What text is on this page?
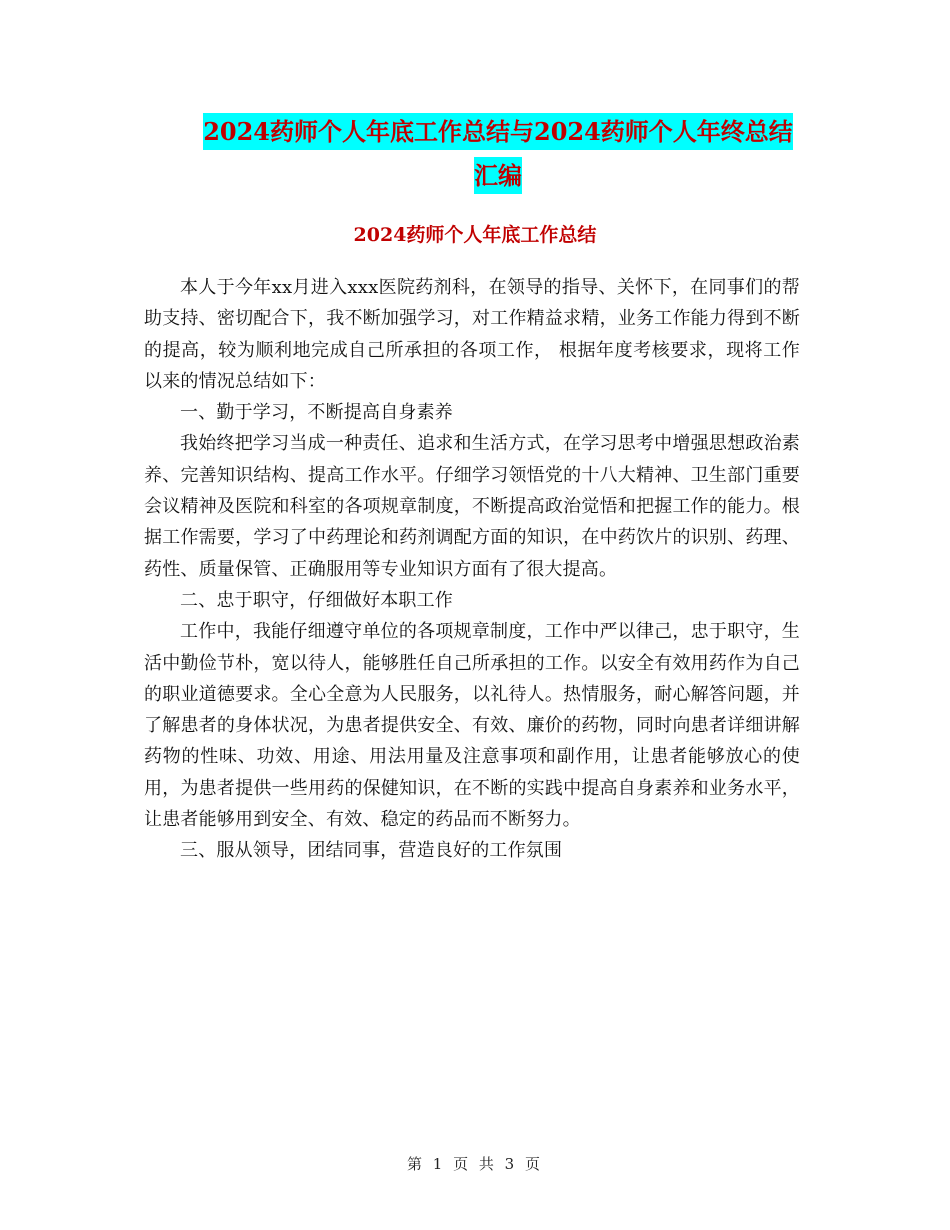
2024药师个人年底工作总结与2024药师个人年终总结
汇编
2024药师个人年底工作总结

本人于今年xx月进入xxx医院药剂科，在领导的指导、关怀下，在同事们的帮助支持、密切配合下，我不断加强学习，对工作精益求精，业务工作能力得到不断的提高，较为顺利地完成自己所承担的各项工作， 根据年度考核要求，现将工作以来的情况总结如下：

一、勤于学习，不断提高自身素养

我始终把学习当成一种责任、追求和生活方式，在学习思考中增强思想政治素养、完善知识结构、提高工作水平。仔细学习领悟党的十八大精神、卫生部门重要会议精神及医院和科室的各项规章制度，不断提高政治觉悟和把握工作的能力。根据工作需要，学习了中药理论和药剂调配方面的知识，在中药饮片的识别、药理、药性、质量保管、正确服用等专业知识方面有了很大提高。

二、忠于职守，仔细做好本职工作

工作中，我能仔细遵守单位的各项规章制度，工作中严以律己，忠于职守，生活中勤俭节朴，宽以待人，能够胜任自己所承担的工作。以安全有效用药作为自己的职业道德要求。全心全意为人民服务，以礼待人。热情服务，耐心解答问题，并了解患者的身体状况，为患者提供安全、有效、廉价的药物，同时向患者详细讲解药物的性味、功效、用途、用法用量及注意事项和副作用，让患者能够放心的使用，为患者提供一些用药的保健知识，在不断的实践中提高自身素养和业务水平，让患者能够用到安全、有效、稳定的药品而不断努力。

三、服从领导，团结同事，营造良好的工作氛围

第 1 页 共 3 页
